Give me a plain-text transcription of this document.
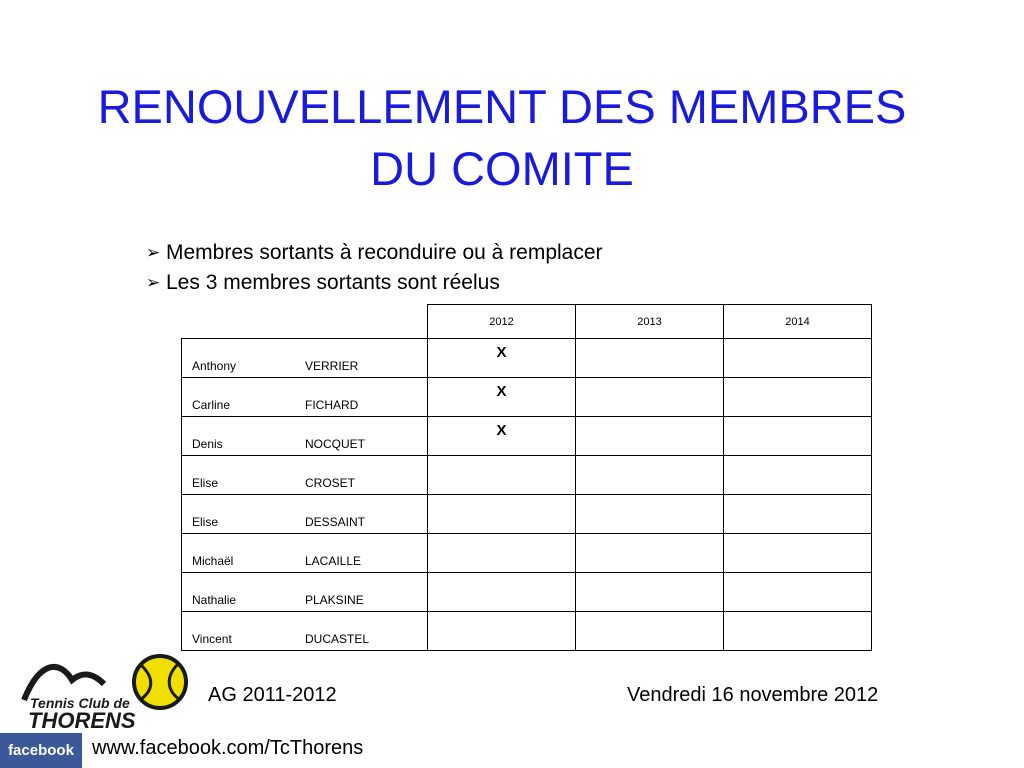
RENOUVELLEMENT DES MEMBRES
DU COMITE
➢ Membres sortants à reconduire ou à remplacer
➢ Les 3 membres sortants sont réelus
		2012	2013	2014
Anthony	VERRIER	X		
Carline	FICHARD	X		
Denis	NOCQUET	X		
Elise	CROSET			
Elise	DESSAINT			
Michaël	LACAILLE			
Nathalie	PLAKSINE			
Vincent	DUCASTEL			
Tennis Club de
THORENS
facebook
AG 2011-2012	Vendredi 16 novembre 2012
www.facebook.com/TcThorens
